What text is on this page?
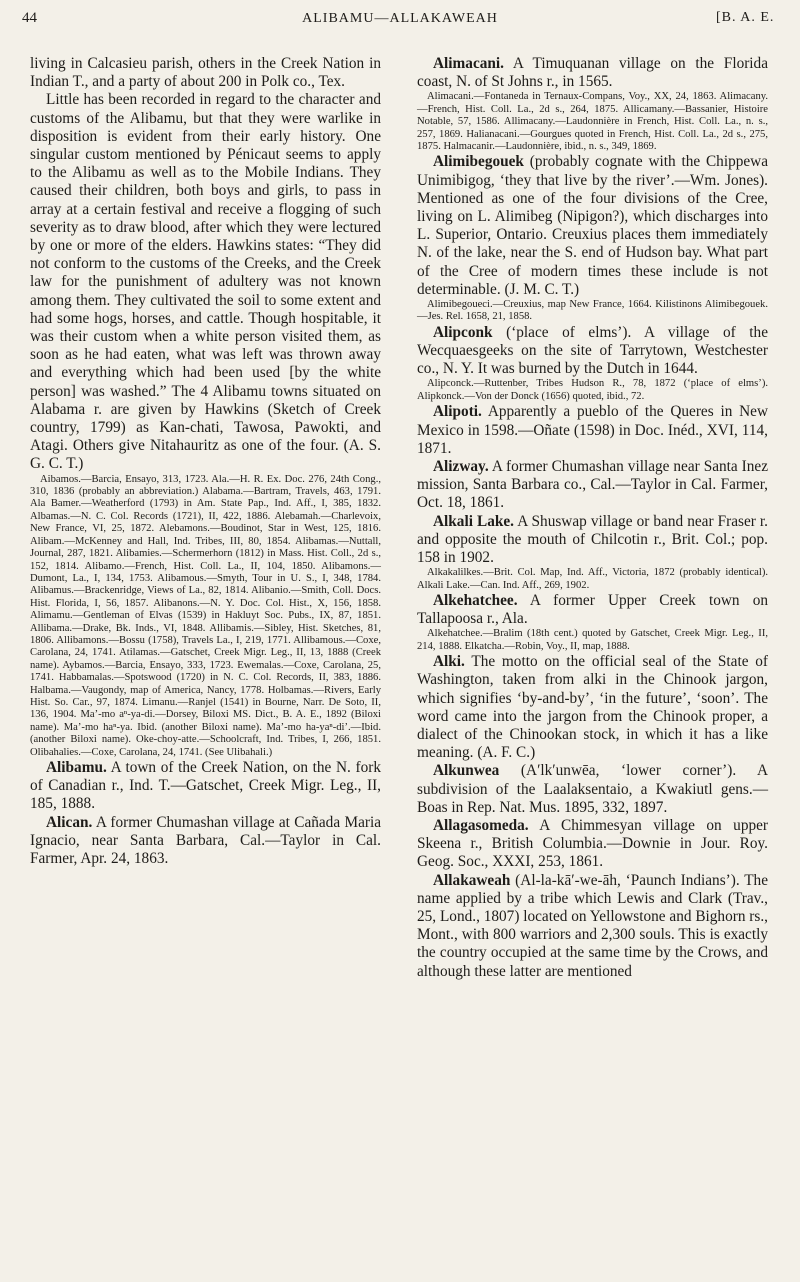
44	ALIBAMU—ALLAKAWEAH	[B. A. E.

living in Calcasieu parish, others in the Creek Nation in Indian T., and a party of about 200 in Polk co., Tex.

Little has been recorded in regard to the character and customs of the Alibamu, but that they were warlike in disposition is evident from their early history. One singular custom mentioned by Pénicaut seems to apply to the Alibamu as well as to the Mobile Indians. They caused their children, both boys and girls, to pass in array at a certain festival and receive a flogging of such severity as to draw blood, after which they were lectured by one or more of the elders. Hawkins states: “They did not conform to the customs of the Creeks, and the Creek law for the punishment of adultery was not known among them. They cultivated the soil to some extent and had some hogs, horses, and cattle. Though hospitable, it was their custom when a white person visited them, as soon as he had eaten, what was left was thrown away and everything which had been used [by the white person] was washed.” The 4 Alibamu towns situated on Alabama r. are given by Hawkins (Sketch of Creek country, 1799) as Kan-chati, Tawosa, Pawokti, and Atagi. Others give Nitahauritz as one of the four. (A. S. G. C. T.)

Aibamos.—Barcia, Ensayo, 313, 1723. Ala.—H. R. Ex. Doc. 276, 24th Cong., 310, 1836 (probably an abbreviation.) Alabama.—Bartram, Travels, 463, 1791. Ala Bamer.—Weatherford (1793) in Am. State Pap., Ind. Aff., I, 385, 1832. Albamas.—N. C. Col. Records (1721), II, 422, 1886. Alebamah.—Charlevoix, New France, VI, 25, 1872. Alebamons.—Boudinot, Star in West, 125, 1816. Alibam.—McKenney and Hall, Ind. Tribes, III, 80, 1854. Alibamas.—Nuttall, Journal, 287, 1821. Alibamies.—Schermerhorn (1812) in Mass. Hist. Coll., 2d s., 152, 1814. Alibamo.—French, Hist. Coll. La., II, 104, 1850. Alibamons.—Dumont, La., I, 134, 1753. Alibamous.—Smyth, Tour in U. S., I, 348, 1784. Alibamus.—Brackenridge, Views of La., 82, 1814. Alibanio.—Smith, Coll. Docs. Hist. Florida, I, 56, 1857. Alibanons.—N. Y. Doc. Col. Hist., X, 156, 1858. Alimamu.—Gentleman of Elvas (1539) in Hakluyt Soc. Pubs., IX, 87, 1851. Allibama.—Drake, Bk. Inds., VI, 1848. Allibamis.—Sibley, Hist. Sketches, 81, 1806. Allibamons.—Bossu (1758), Travels La., I, 219, 1771. Allibamous.—Coxe, Carolana, 24, 1741. Atilamas.—Gatschet, Creek Migr. Leg., II, 13, 1888 (Creek name). Aybamos.—Barcia, Ensayo, 333, 1723. Ewemalas.—Coxe, Carolana, 25, 1741. Habbamalas.—Spotswood (1720) in N. C. Col. Records, II, 383, 1886. Halbama.—Vaugondy, map of America, Nancy, 1778. Holbamas.—Rivers, Early Hist. So. Car., 97, 1874. Limanu.—Ranjel (1541) in Bourne, Narr. De Soto, II, 136, 1904. Ma’-mo aⁿ-ya-di.—Dorsey, Biloxi MS. Dict., B. A. E., 1892 (Biloxi name). Ma’-mo haⁿ-ya. Ibid. (another Biloxi name). Ma’-mo ha-yaⁿ-di’.—Ibid. (another Biloxi name). Oke-choy-atte.—Schoolcraft, Ind. Tribes, I, 266, 1851. Olibahalies.—Coxe, Carolana, 24, 1741. (See Ulibahali.)

Alibamu. A town of the Creek Nation, on the N. fork of Canadian r., Ind. T.—Gatschet, Creek Migr. Leg., II, 185, 1888.

Alican. A former Chumashan village at Cañada Maria Ignacio, near Santa Barbara, Cal.—Taylor in Cal. Farmer, Apr. 24, 1863.

Alimacani. A Timuquanan village on the Florida coast, N. of St Johns r., in 1565.

Alimacani.—Fontaneda in Ternaux-Compans, Voy., XX, 24, 1863. Alimacany.—French, Hist. Coll. La., 2d s., 264, 1875. Allicamany.—Bassanier, Histoire Notable, 57, 1586. Allimacany.—Laudonnière in French, Hist. Coll. La., n. s., 257, 1869. Halianacani.—Gourgues quoted in French, Hist. Coll. La., 2d s., 275, 1875. Halmacanir.—Laudonnière, ibid., n. s., 349, 1869.

Alimibegouek (probably cognate with the Chippewa Unimibigog, ‘they that live by the river’.—Wm. Jones). Mentioned as one of the four divisions of the Cree, living on L. Alimibeg (Nipigon?), which discharges into L. Superior, Ontario. Creuxius places them immediately N. of the lake, near the S. end of Hudson bay. What part of the Cree of modern times these include is not determinable. (J. M. C. T.)

Alimibegoueci.—Creuxius, map New France, 1664. Kilistinons Alimibegouek.—Jes. Rel. 1658, 21, 1858.

Alipconk (‘place of elms’). A village of the Wecquaesgeeks on the site of Tarrytown, Westchester co., N. Y. It was burned by the Dutch in 1644.

Alipconck.—Ruttenber, Tribes Hudson R., 78, 1872 (‘place of elms’). Alipkonck.—Von der Donck (1656) quoted, ibid., 72.

Alipoti. Apparently a pueblo of the Queres in New Mexico in 1598.—Oñate (1598) in Doc. Inéd., XVI, 114, 1871.

Alizway. A former Chumashan village near Santa Inez mission, Santa Barbara co., Cal.—Taylor in Cal. Farmer, Oct. 18, 1861.

Alkali Lake. A Shuswap village or band near Fraser r. and opposite the mouth of Chilcotin r., Brit. Col.; pop. 158 in 1902.

Alkakalilkes.—Brit. Col. Map, Ind. Aff., Victoria, 1872 (probably identical). Alkali Lake.—Can. Ind. Aff., 269, 1902.

Alkehatchee. A former Upper Creek town on Tallapoosa r., Ala.

Alkehatchee.—Bralim (18th cent.) quoted by Gatschet, Creek Migr. Leg., II, 214, 1888. Elkatcha.—Robin, Voy., II, map, 1888.

Alki. The motto on the official seal of the State of Washington, taken from alki in the Chinook jargon, which signifies ‘by-and-by’, ‘in the future’, ‘soon’. The word came into the jargon from the Chinook proper, a dialect of the Chinookan stock, in which it has a like meaning. (A. F. C.)

Alkunwea (A′lk′unwēa, ‘lower corner’). A subdivision of the Laalaksentaio, a Kwakiutl gens.—Boas in Rep. Nat. Mus. 1895, 332, 1897.

Allagasomeda. A Chimmesyan village on upper Skeena r., British Columbia.—Downie in Jour. Roy. Geog. Soc., XXXI, 253, 1861.

Allakaweah (Al-la-kā′-we-āh, ‘Paunch Indians’). The name applied by a tribe which Lewis and Clark (Trav., 25, Lond., 1807) located on Yellowstone and Bighorn rs., Mont., with 800 warriors and 2,300 souls. This is exactly the country occupied at the same time by the Crows, and although these latter are mentioned
